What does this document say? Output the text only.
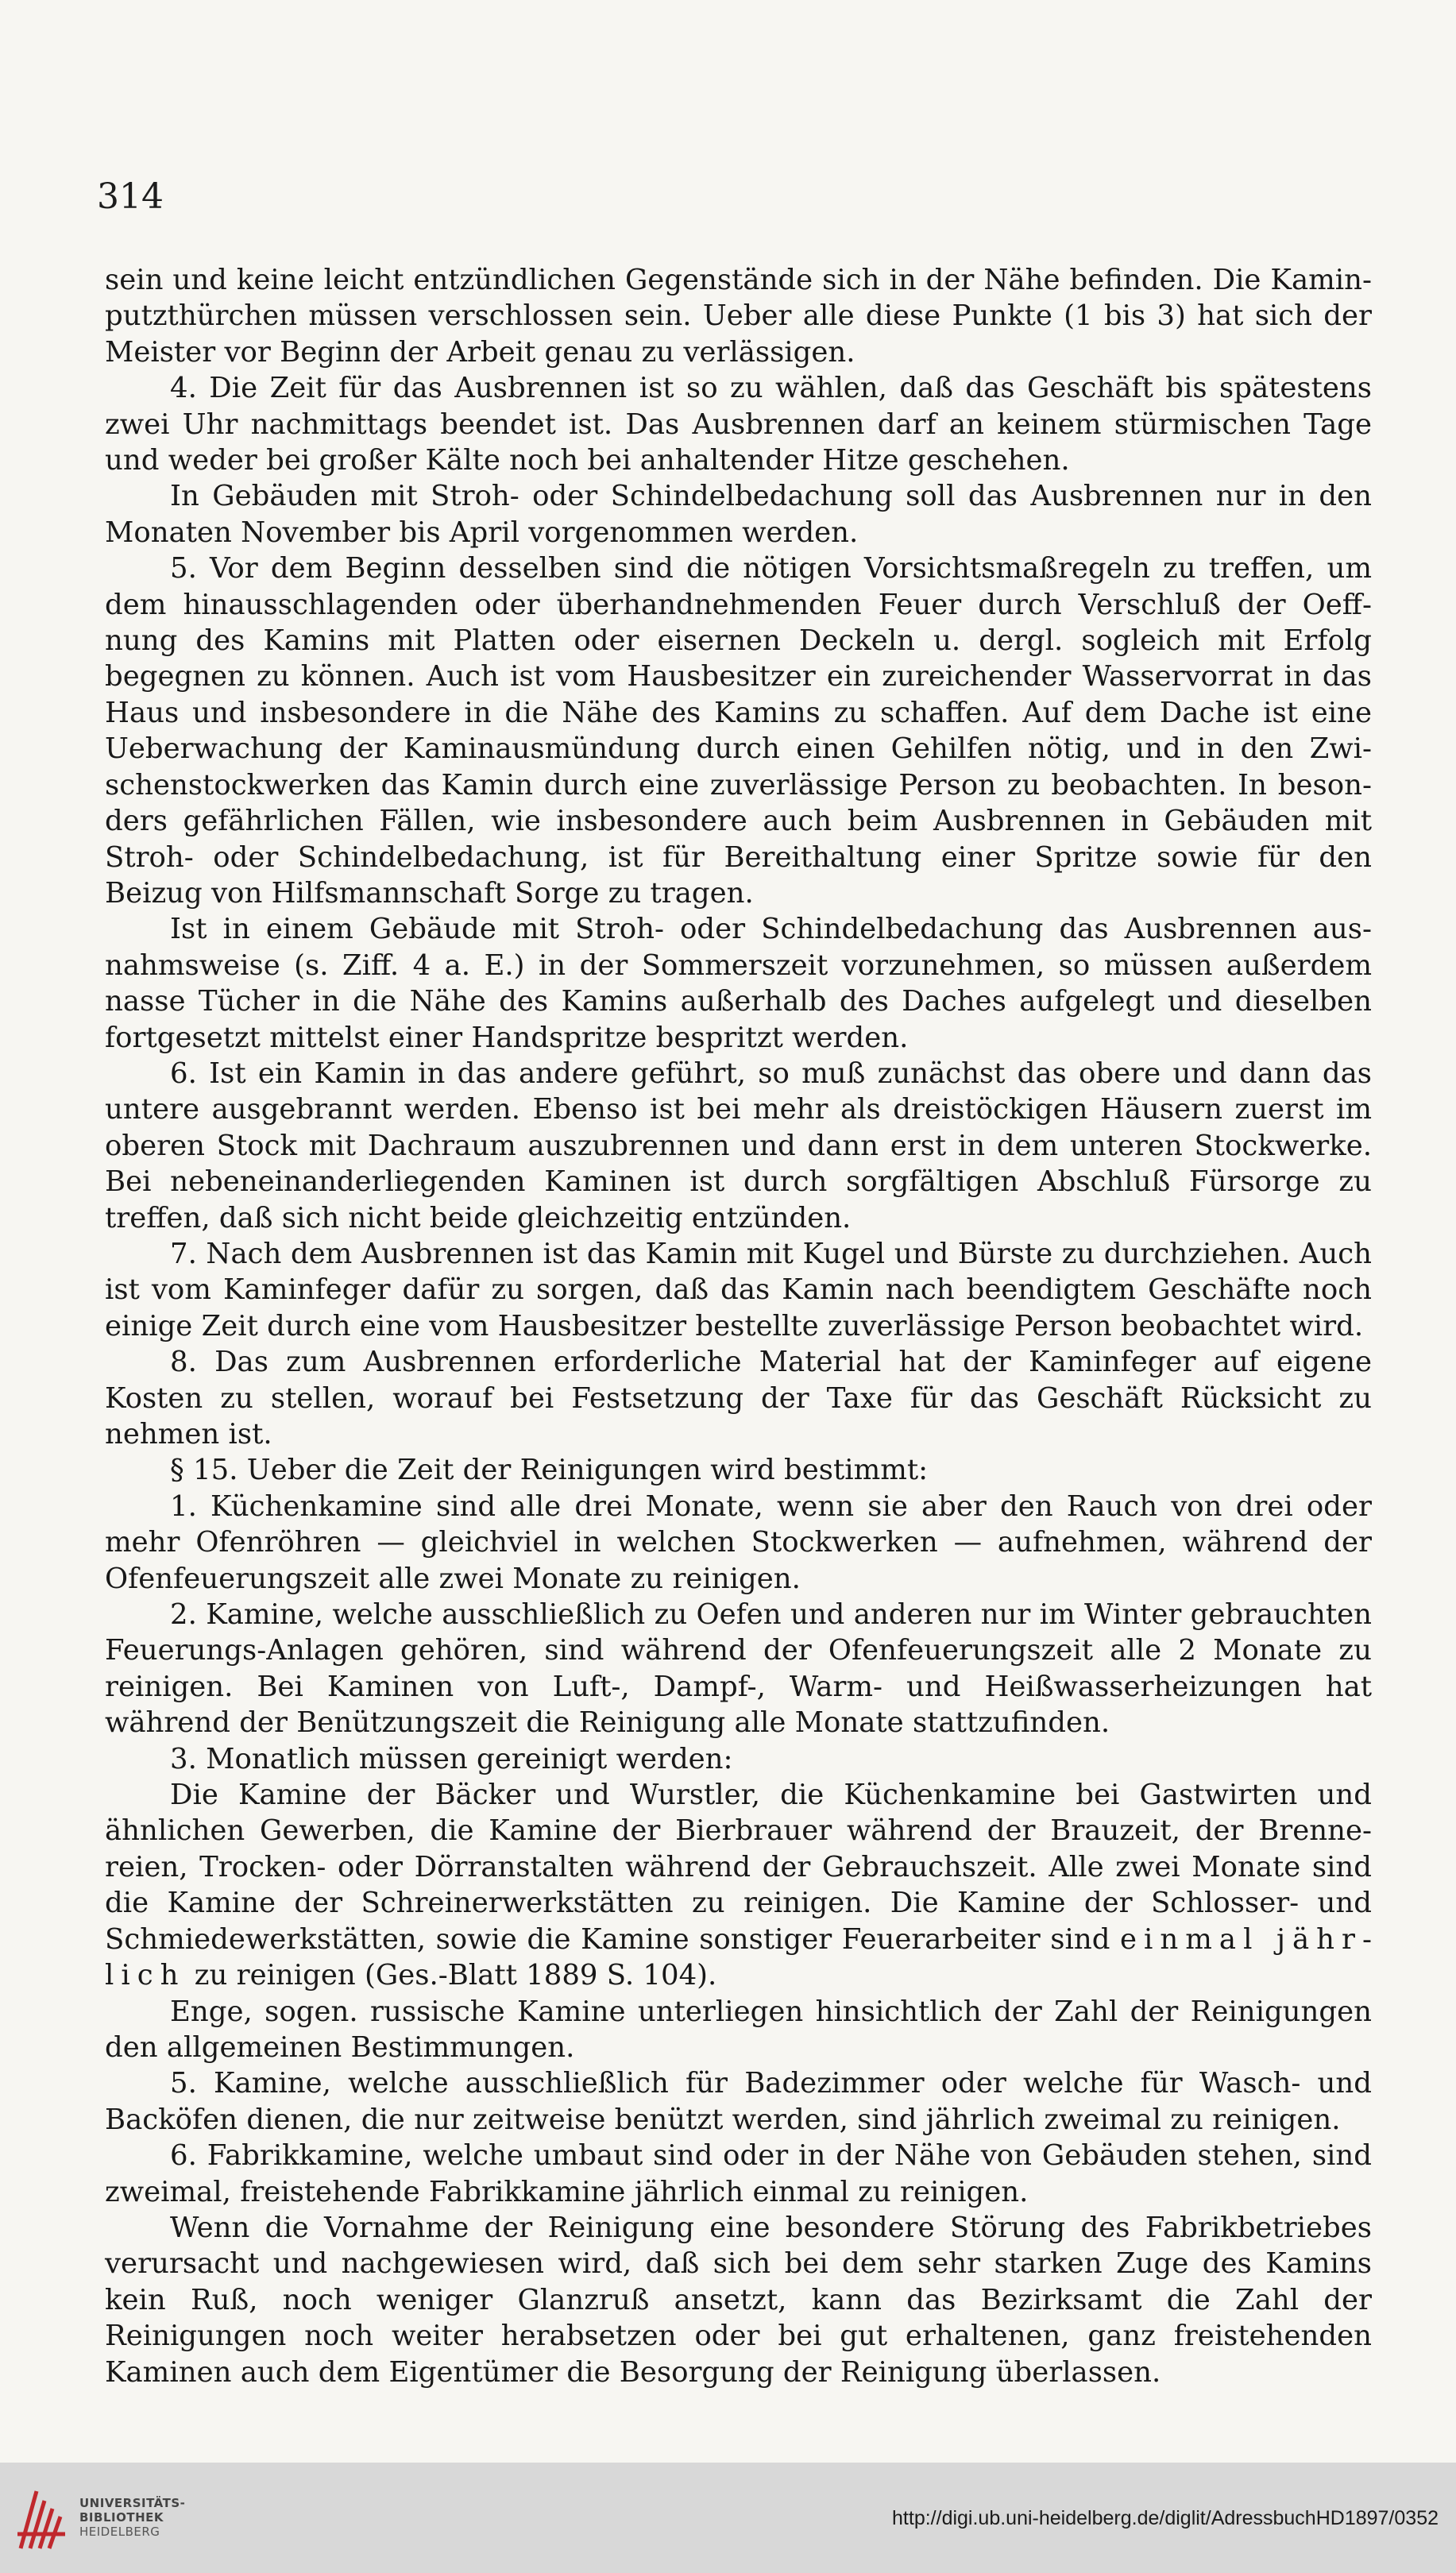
314

sein und keine leicht entzündlichen Gegenstände sich in der Nähe befinden. Die Kaminputzthürchen müssen verschlossen sein. Ueber alle diese Punkte (1 bis 3) hat sich der Meister vor Beginn der Arbeit genau zu verlässigen.

4. Die Zeit für das Ausbrennen ist so zu wählen, daß das Geschäft bis spätestens zwei Uhr nachmittags beendet ist. Das Ausbrennen darf an keinem stürmischen Tage und weder bei großer Kälte noch bei anhaltender Hitze geschehen.

In Gebäuden mit Stroh- oder Schindelbedachung soll das Ausbrennen nur in den Monaten November bis April vorgenommen werden.

5. Vor dem Beginn desselben sind die nötigen Vorsichtsmaßregeln zu treffen, um dem hinausschlagenden oder überhandnehmenden Feuer durch Verschluß der Oeffnung des Kamins mit Platten oder eisernen Deckeln u. dergl. sogleich mit Erfolg begegnen zu können. Auch ist vom Hausbesitzer ein zureichender Wasservorrat in das Haus und insbesondere in die Nähe des Kamins zu schaffen. Auf dem Dache ist eine Ueberwachung der Kaminausmündung durch einen Gehilfen nötig, und in den Zwischenstockwerken das Kamin durch eine zuverlässige Person zu beobachten. In besonders gefährlichen Fällen, wie insbesondere auch beim Ausbrennen in Gebäuden mit Stroh- oder Schindelbedachung, ist für Bereithaltung einer Spritze sowie für den Beizug von Hilfsmannschaft Sorge zu tragen.

Ist in einem Gebäude mit Stroh- oder Schindelbedachung das Ausbrennen ausnahmsweise (s. Ziff. 4 a. E.) in der Sommerszeit vorzunehmen, so müssen außerdem nasse Tücher in die Nähe des Kamins außerhalb des Daches aufgelegt und dieselben fortgesetzt mittelst einer Handspritze bespritzt werden.

6. Ist ein Kamin in das andere geführt, so muß zunächst das obere und dann das untere ausgebrannt werden. Ebenso ist bei mehr als dreistöckigen Häusern zuerst im oberen Stock mit Dachraum auszubrennen und dann erst in dem unteren Stockwerke. Bei nebeneinanderliegenden Kaminen ist durch sorgfältigen Abschluß Fürsorge zu treffen, daß sich nicht beide gleichzeitig entzünden.

7. Nach dem Ausbrennen ist das Kamin mit Kugel und Bürste zu durchziehen. Auch ist vom Kaminfeger dafür zu sorgen, daß das Kamin nach beendigtem Geschäfte noch einige Zeit durch eine vom Hausbesitzer bestellte zuverlässige Person beobachtet wird.

8. Das zum Ausbrennen erforderliche Material hat der Kaminfeger auf eigene Kosten zu stellen, worauf bei Festsetzung der Taxe für das Geschäft Rücksicht zu nehmen ist.

§ 15. Ueber die Zeit der Reinigungen wird bestimmt:

1. Küchenkamine sind alle drei Monate, wenn sie aber den Rauch von drei oder mehr Ofenröhren — gleichviel in welchen Stockwerken — aufnehmen, während der Ofenfeuerungszeit alle zwei Monate zu reinigen.

2. Kamine, welche ausschließlich zu Oefen und anderen nur im Winter gebrauchten Feuerungs-Anlagen gehören, sind während der Ofenfeuerungszeit alle 2 Monate zu reinigen. Bei Kaminen von Luft-, Dampf-, Warm- und Heißwasserheizungen hat während der Benützungszeit die Reinigung alle Monate stattzufinden.

3. Monatlich müssen gereinigt werden:

Die Kamine der Bäcker und Wurstler, die Küchenkamine bei Gastwirten und ähnlichen Gewerben, die Kamine der Bierbrauer während der Brauzeit, der Brennereien, Trocken- oder Dörranstalten während der Gebrauchszeit. Alle zwei Monate sind die Kamine der Schreinerwerkstätten zu reinigen. Die Kamine der Schlosser- und Schmiedewerkstätten, sowie die Kamine sonstiger Feuerarbeiter sind einmal jährlich zu reinigen (Ges.-Blatt 1889 S. 104).

Enge, sogen. russische Kamine unterliegen hinsichtlich der Zahl der Reinigungen den allgemeinen Bestimmungen.

5. Kamine, welche ausschließlich für Badezimmer oder welche für Wasch- und Backöfen dienen, die nur zeitweise benützt werden, sind jährlich zweimal zu reinigen.

6. Fabrikkamine, welche umbaut sind oder in der Nähe von Gebäuden stehen, sind zweimal, freistehende Fabrikkamine jährlich einmal zu reinigen.

Wenn die Vornahme der Reinigung eine besondere Störung des Fabrikbetriebes verursacht und nachgewiesen wird, daß sich bei dem sehr starken Zuge des Kamins kein Ruß, noch weniger Glanzruß ansetzt, kann das Bezirksamt die Zahl der Reinigungen noch weiter herabsetzen oder bei gut erhaltenen, ganz freistehenden Kaminen auch dem Eigentümer die Besorgung der Reinigung überlassen.

UNIVERSITÄTS-
BIBLIOTHEK
HEIDELBERG
http://digi.ub.uni-heidelberg.de/diglit/AdressbuchHD1897/0352
